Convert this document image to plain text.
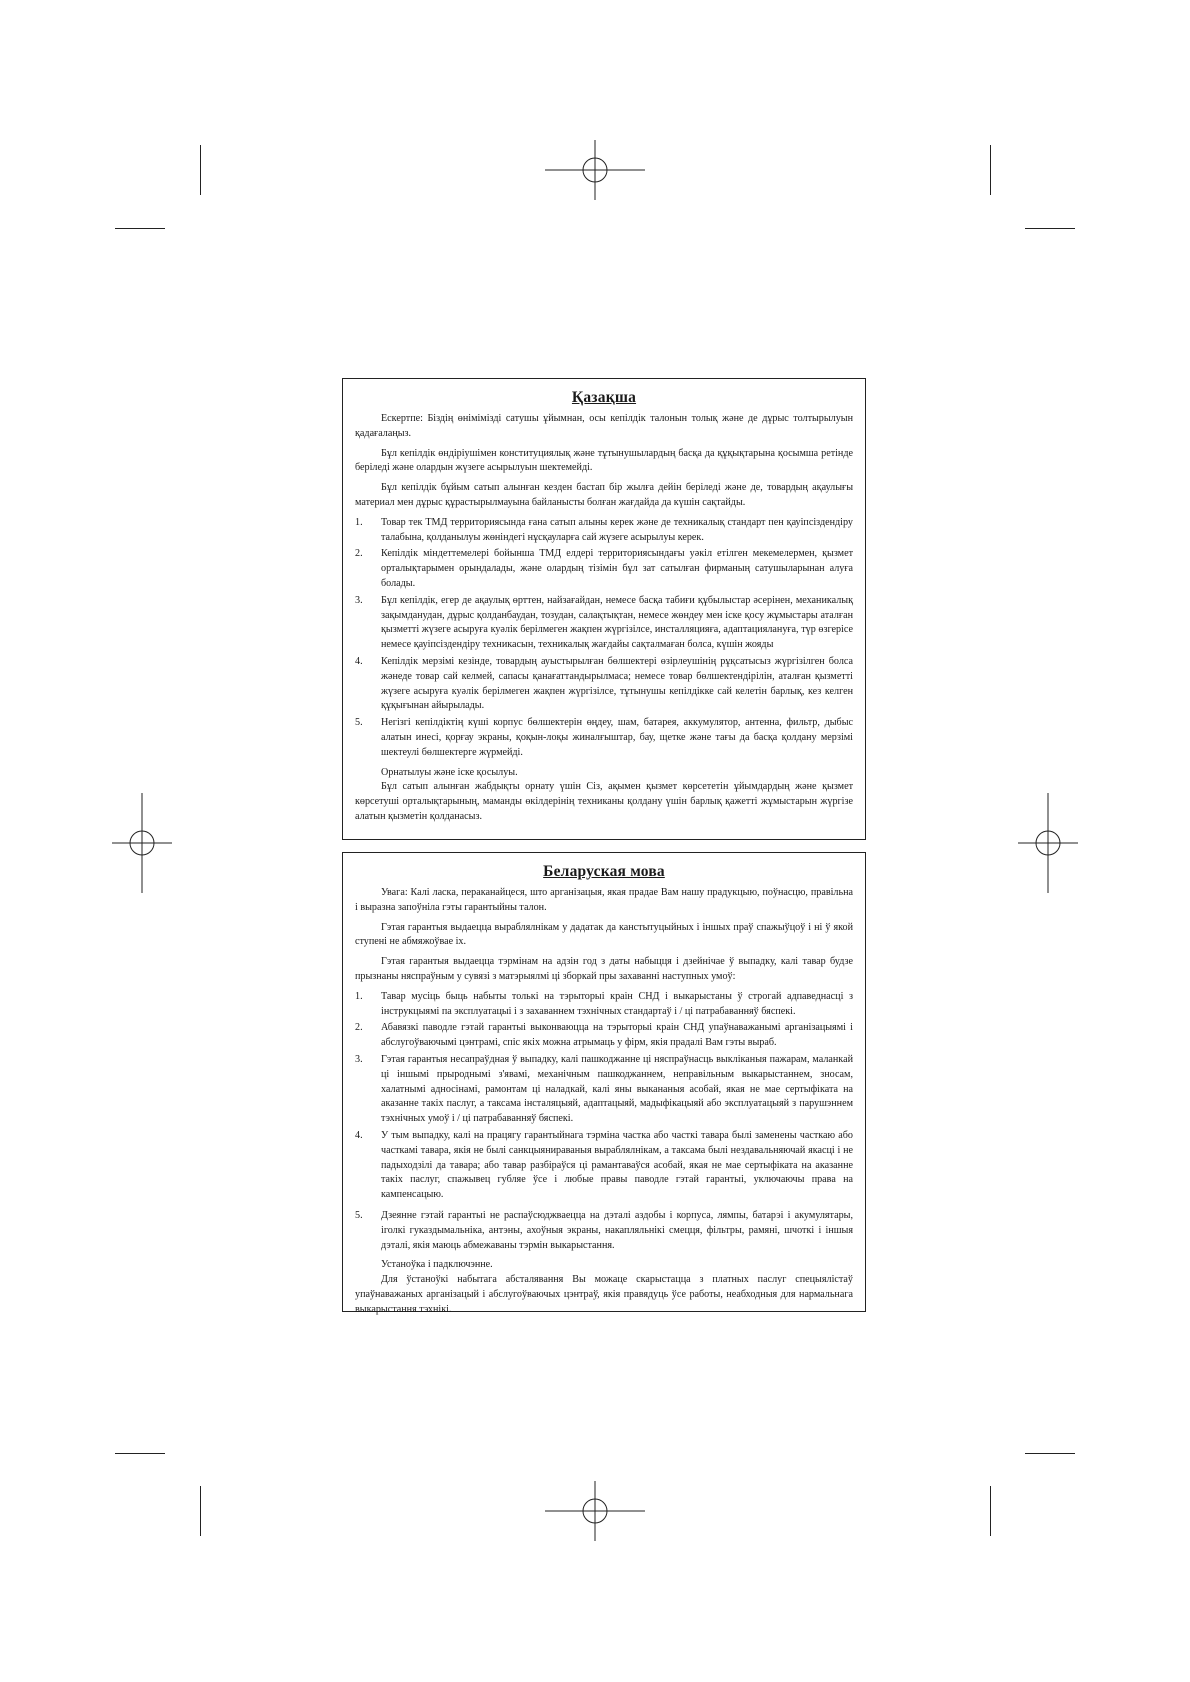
Қазақша

Ескертпе: Біздің өнімімізді сатушы ұйымнан, осы кепілдік талонын толық және де дұрыс толтырылуын қадағалаңыз.

Бұл кепілдік өндіріушімен конституциялық және тұтынушылардың басқа да құқықтарына қосымша ретінде беріледі және олардын жүзеге асырылуын шектемейді.

Бұл кепілдік бұйым сатып алынған кезден бастап бір жылға дейін беріледі және де, товардың ақаулығы материал мен дұрыс құрастырылмауына байланысты болған жағдайда да күшін сақтайды.

1. Товар тек ТМД территориясында ғана сатып алыны керек және де техникалық стандарт пен қауіпсіздендіру талабына, қолданылуы жөніндегі нұсқауларға сай жүзеге асырылуы керек.
2. Кепілдік міндеттемелері бойынша ТМД елдері территориясындағы уәкіл етілген мекемелермен, қызмет орталықтарымен орындалады, және олардың тізімін бұл зат сатылған фирманың сатушыларынан алуға болады.
3. Бұл кепілдік, егер де ақаулық өрттен, найзағайдан, немесе басқа табиғи құбылыстар әсерінен, механикалық зақымданудан, дұрыс қолданбаудан, тозудан, салақтықтан, немесе жөндеу мен іске қосу жұмыстары аталған қызметті жүзеге асыруға куәлік берілмеген жақпен жүргізілсе, инсталляцияға, адаптациялануға, түр өзгерісе немесе қауіпсіздендіру техникасын, техникалық жағдайы сақталмаған болса, күшін жояды
4. Кепілдік мерзімі кезінде, товардың ауыстырылған бөлшектері өзірлеушінің рұқсатысыз жүргізілген болса жәнеде товар сай келмей, сапасы қанағаттандырылмаса; немесе товар бөлшектендірілін, аталған қызметті жүзеге асыруға куәлік берілмеген жақпен жүргізілсе, тұтынушы кепілдікке сай келетін барлық, кез келген құқығынан айырылады.
5. Негізгі кепілдіктің күші корпус бөлшектерін өңдеу, шам, батарея, аккумулятор, антенна, фильтр, дыбыс алатын инесі, қорғау экраны, қоқын-лоқы жиналғыштар, бау, щетке және тағы да басқа қолдану мерзімі шектеулі бөлшектерге жүрмейді.

Орнатылуы және іске қосылуы.

Бұл сатып алынған жабдықты орнату үшін Сіз, ақымен қызмет көрсететін ұйымдардың және қызмет көрсетуші орталықтарының, маманды өкілдерінің техниканы қолдану үшін барлық қажетті жұмыстарын жүргізе алатын қызметін қолданасыз.

Беларуская мова

Увага: Калі ласка, пераканайцеся, што арганізацыя, якая прадае Вам нашу прадукцыю, поўнасцю, правільна і выразна запоўніла гэты гарантыйны талон.

Гэтая гарантыя выдаецца выраблялнікам у дадатак да канстытуцыйных і іншых праў спажыўцоў і ні ў якой ступені не абмяжоўвае іх.

Гэтая гарантыя выдаецца тэрмінам на адзін год з даты набыцця і дзейнічае ў выпадку, калі тавар будзе прызнаны няспраўным у сувязі з матэрыялмі ці зборкай пры захаванні наступных умоў:

1. Тавар мусіць быць набыты толькі на тэрыторыі краін СНД і выкарыстаны ў строгай адпаведнасці з інструкцыямі па эксплуатацыі і з захаваннем тэхнічных стандартаў і / ці патрабаванняў бяспекі.
2. Абавязкі паводле гэтай гарантыі выконваюцца на тэрыторыі краін СНД упаўнаважанымі арганізацыямі і абслугоўваючымі цэнтрамі, спіс якіх можна атрымаць у фірм, якія прадалі Вам гэты выраб.
3. Гэтая гарантыя несапраўдная ў выпадку, калі пашкоджанне ці няспраўнасць выкліканыя пажарам, маланкай ці іншымі прыроднымі з'явамі, механічным пашкоджаннем, неправільным выкарыстаннем, зносам, халатнымі адносінамі, рамонтам ці наладкай, калі яны выкананыя асобай, якая не мае сертыфіката на аказанне такіх паслуг, а таксама інсталяцыяй, адаптацыяй, мадыфікацыяй або эксплуатацыяй з парушэннем тэхнічных умоў і / ці патрабаванняў бяспекі.
4. У тым выпадку, калі на працягу гарантыйнага тэрміна частка або часткі тавара былі заменены часткаю або часткамі тавара, якія не былі санкцыянираваныя выраблялнікам, а таксама былі нездавальняючай якасці і не падыходзілі да тавара; або тавар разбіраўся ці рамантаваўся асобай, якая не мае сертыфіката на аказанне такіх паслуг, спажывец губляе ўсе і любые правы паводле гэтай гарантыі, уключаючы права на кампенсацыю.
5. Дзеянне гэтай гарантыі не распаўсюджваецца на дэталі аздобы і корпуса, лямпы, батарэі і акумулятары, іголкі гуказдымальніка, антэны, ахоўныя экраны, накапляльнікі смецця, фільтры, рамяні, шчоткі і іншыя дэталі, якія маюць абмежаваны тэрмін выкарыстання.

Устаноўка і падключэнне.

Для ўстаноўкі набытага абсталявання Вы можаце скарыстацца з платных паслуг спецыялістаў упаўнаважаных арганізацый і абслугоўваючых цэнтраў, якія правядуць ўсе работы, неабходныя для нармальнага выкарыстання тэхнікі.
